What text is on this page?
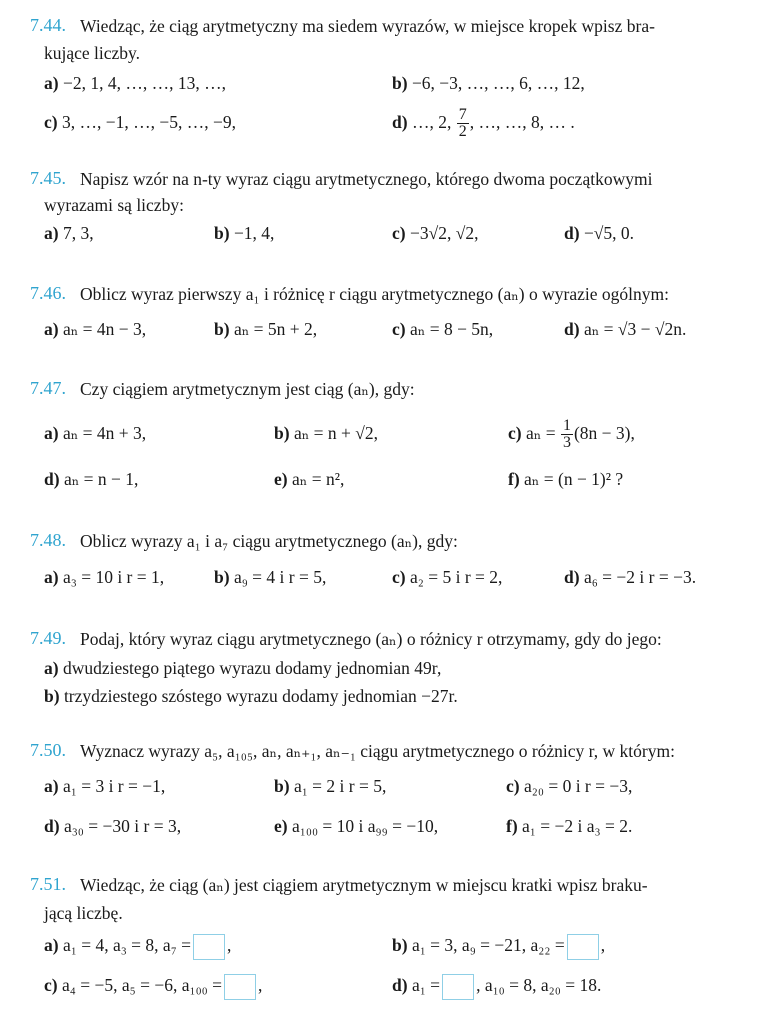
7.44. Wiedząc, że ciąg arytmetyczny ma siedem wyrazów, w miejsce kropek wpisz bra-
kujące liczby.
a) −2, 1, 4, …, …, 13, …,	b) −6, −3, …, …, 6, …, 12,
c) 3, …, −1, …, −5, …, −9,	d) …, 2, $\frac{7}{2}$ , …, …, 8, … .
7.45. Napisz wzór na n-ty wyraz ciągu arytmetycznego, którego dwoma początkowymi
wyrazami są liczby:
a) 7, 3,	b) −1, 4,	c) −3√2, √2,	d) −√5, 0.
7.46. Oblicz wyraz pierwszy a₁ i różnicę r ciągu arytmetycznego (aₙ) o wyrazie ogólnym:
a) aₙ = 4n − 3,	b) aₙ = 5n + 2,	c) aₙ = 8 − 5n,	d) aₙ = √3 − √2n.
7.47. Czy ciągiem arytmetycznym jest ciąg (aₙ), gdy:
a) aₙ = 4n + 3,	b) aₙ = n + √2,	c) $a_n = \frac{1}{3} (8n - 3)$,
d) aₙ = n − 1,	e) aₙ = n²,	f) aₙ = (n − 1)² ?
7.48. Oblicz wyrazy a₁ i a₇ ciągu arytmetycznego (aₙ), gdy:
a) a₃ = 10 i r = 1,	b) a₉ = 4 i r = 5,	c) a₂ = 5 i r = 2,	d) a₆ = −2 i r = −3.
7.49. Podaj, który wyraz ciągu arytmetycznego (aₙ) o różnicy r otrzymamy, gdy do jego:
a) dwudziestego piątego wyrazu dodamy jednomian 49r,
b) trzydziestego szóstego wyrazu dodamy jednomian −27r.
7.50. Wyznacz wyrazy a₅, a₁₀₅, aₙ, aₙ₊₁, aₙ₋₁ ciągu arytmetycznego o różnicy r, w którym:
a) a₁ = 3 i r = −1,	b) a₁ = 2 i r = 5,	c) a₂₀ = 0 i r = −3,
d) a₃₀ = −30 i r = 3,	e) a₁₀₀ = 10 i a₉₉ = −10,	f) a₁ = −2 i a₃ = 2.
7.51. Wiedząc, że ciąg (aₙ) jest ciągiem arytmetycznym w miejscu kratki wpisz braku-
jącą liczbę.
a) a₁ = 4, a₃ = 8, a₇ = ,	b) a₁ = 3, a₉ = −21, a₂₂ = ,
c) a₄ = −5, a₅ = −6, a₁₀₀ = ,	d) a₁ = , a₁₀ = 8, a₂₀ = 18.
